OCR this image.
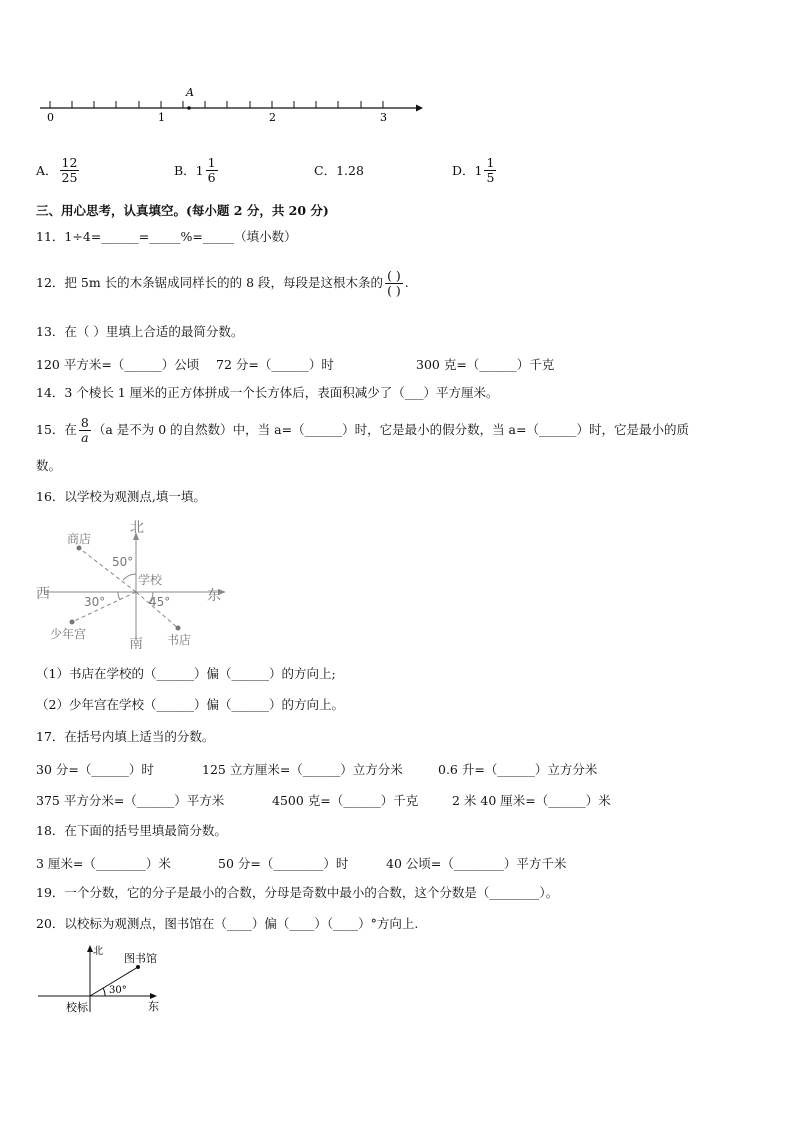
A
0	1	2	3
A． $\frac{12}{25}$	B．$1 \frac{1}{6}$	C．1.28	D．$1 \frac{1}{5}$
三、用心思考，认真填空。(每小题 2 分，共 20 分)
11．1÷4=______=_____%=_____（填小数）
12．把 5m 长的木条锯成同样长的的 8 段，每段是这根木条的 $\frac{( )}{( )}$ .
13．在（ ）里填上合适的最简分数。
120 平方米=（______）公顷 72 分=（______）时	300 克=（______）千克
14．3 个棱长 1 厘米的正方体拼成一个长方体后，表面积减少了（___）平方厘米。
15．在 $\frac{8}{a} (a$ 是不为 0 的自然数）中，当 a=（______）时，它是最小的假分数，当 a=（______）时，它是最小的质
数。
16．以学校为观测点,填一填。
北
南
西	东
学校
商店
少年宫	书店
50°
30°	45°
（1）书店在学校的（______）偏（______）的方向上;
（2）少年宫在学校（______）偏（______）的方向上。
17．在括号内填上适当的分数。
30 分=（______）时	125 立方厘米=（______）立方分米	0.6 升=（______）立方分米
375 平方分米=（______）平方米	4500 克=（______）千克	2 米 40 厘米=（______）米
18．在下面的括号里填最简分数。
3 厘米=（________）米	50 分=（________）时	40 公顷=（________）平方千米
19．一个分数，它的分子是最小的合数，分母是奇数中最小的合数，这个分数是（________）。
20．以校标为观测点，图书馆在（____）偏（____）（____）°方向上.
北
东
校标
图书馆
30°
